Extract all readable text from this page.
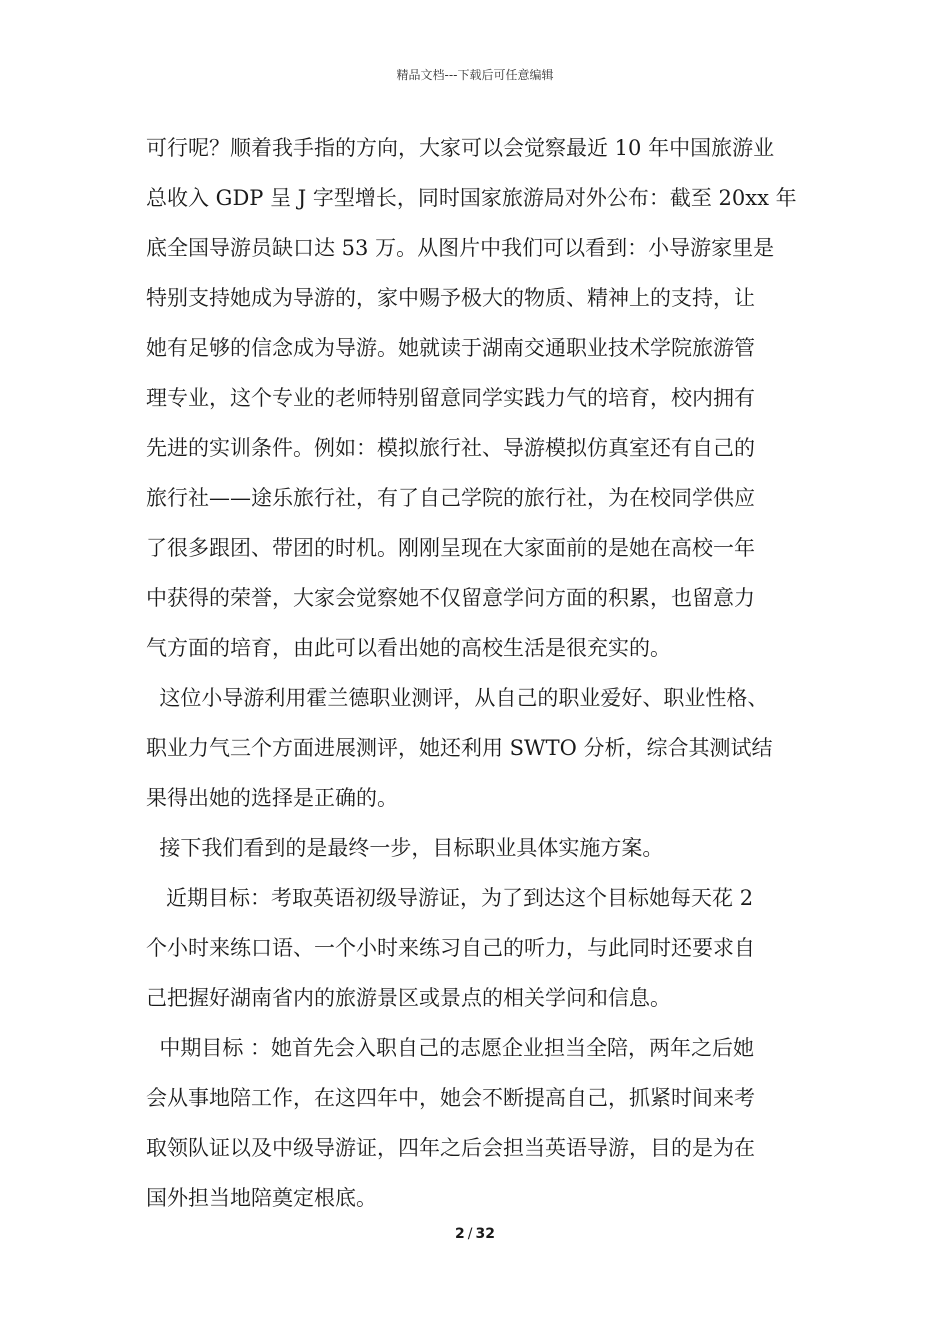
精品文档---下载后可任意编辑

可行呢？顺着我手指的方向，大家可以会觉察最近 10 年中国旅游业

总收入 GDP 呈 J 字型增长，同时国家旅游局对外公布：截至 20xx 年

底全国导游员缺口达 53 万。从图片中我们可以看到：小导游家里是

特别支持她成为导游的，家中赐予极大的物质、精神上的支持，让

她有足够的信念成为导游。她就读于湖南交通职业技术学院旅游管

理专业，这个专业的老师特别留意同学实践力气的培育，校内拥有

先进的实训条件。例如：模拟旅行社、导游模拟仿真室还有自己的

旅行社——途乐旅行社，有了自己学院的旅行社，为在校同学供应

了很多跟团、带团的时机。刚刚呈现在大家面前的是她在高校一年

中获得的荣誉，大家会觉察她不仅留意学问方面的积累，也留意力

气方面的培育，由此可以看出她的高校生活是很充实的。

这位小导游利用霍兰德职业测评，从自己的职业爱好、职业性格、

职业力气三个方面进展测评，她还利用 SWTO 分析，综合其测试结

果得出她的选择是正确的。

接下我们看到的是最终一步，目标职业具体实施方案。

近期目标：考取英语初级导游证，为了到达这个目标她每天花 2

个小时来练口语、一个小时来练习自己的听力，与此同时还要求自

己把握好湖南省内的旅游景区或景点的相关学问和信息。

中期目标 ：她首先会入职自己的志愿企业担当全陪，两年之后她

会从事地陪工作，在这四年中，她会不断提高自己，抓紧时间来考

取领队证以及中级导游证，四年之后会担当英语导游，目的是为在

国外担当地陪奠定根底。

2 / 32
